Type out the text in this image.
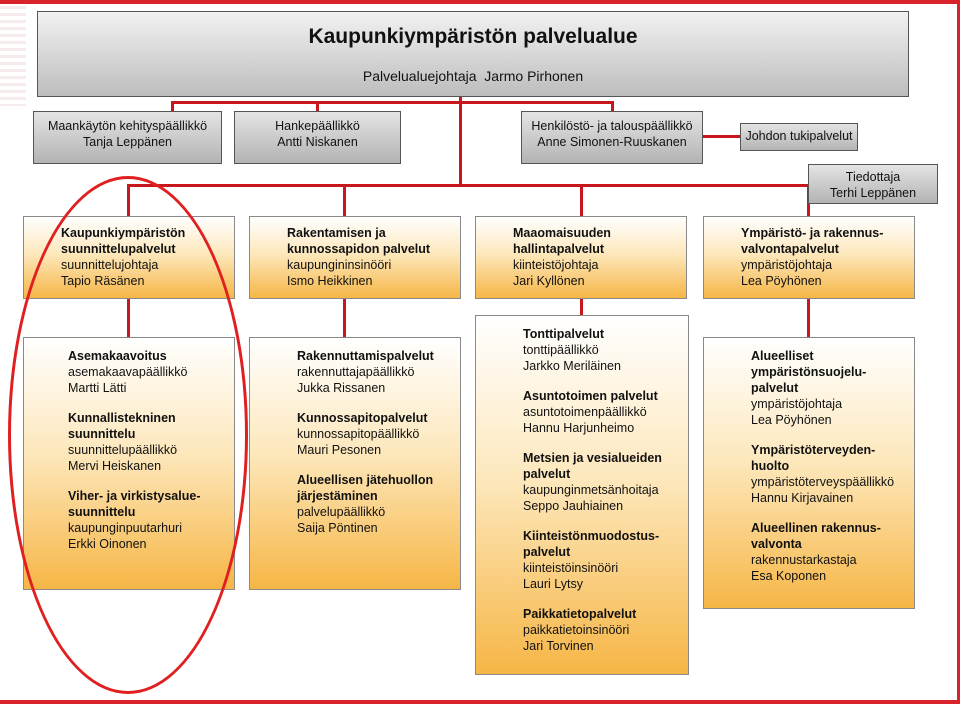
Kaupunkiympäristön palvelualue
Palvelualuejohtaja  Jarmo Pirhonen
Maankäytön kehityspäällikkö
Tanja Leppänen
Hankepäällikkö
Antti Niskanen
Henkilöstö- ja talouspäällikkö
Anne Simonen-Ruuskanen	Johdon tukipalvelut
Tiedottaja
Terhi Leppänen
Kaupunkiympäristön
suunnittelupalvelut
suunnittelujohtaja
Tapio Räsänen
Rakentamisen ja
kunnossapidon palvelut
kaupungininsinööri
Ismo Heikkinen
Maaomaisuuden
hallintapalvelut
kiinteistöjohtaja
Jari Kyllönen
Ympäristö- ja rakennus-
valvontapalvelut
ympäristöjohtaja
Lea Pöyhönen
Asemakaavoitus
asemakaavapäällikkö
Martti Lätti
Kunnallistekninen
suunnittelu
suunnittelupäällikkö
Mervi Heiskanen
Viher- ja virkistysalue-
suunnittelu
kaupunginpuutarhuri
Erkki Oinonen
Rakennuttamispalvelut
rakennuttajapäällikkö
Jukka Rissanen
Kunnossapitopalvelut
kunnossapitopäällikkö
Mauri Pesonen
Alueellisen jätehuollon
järjestäminen
palvelupäällikkö
Saija Pöntinen
Tonttipalvelut
tonttipäällikkö
Jarkko Meriläinen
Asuntotoimen palvelut
asuntotoimenpäällikkö
Hannu Harjunheimo
Metsien ja vesialueiden
palvelut
kaupunginmetsänhoitaja
Seppo Jauhiainen
Kiinteistönmuodostus-
palvelut
kiinteistöinsinööri
Lauri Lytsy
Paikkatietopalvelut
paikkatietoinsinööri
Jari Torvinen
Alueelliset
ympäristönsuojelu-
palvelut
ympäristöjohtaja
Lea Pöyhönen
Ympäristöterveyden-
huolto
ympäristöterveyspäällikkö
Hannu Kirjavainen
Alueellinen rakennus-
valvonta
rakennustarkastaja
Esa Koponen
